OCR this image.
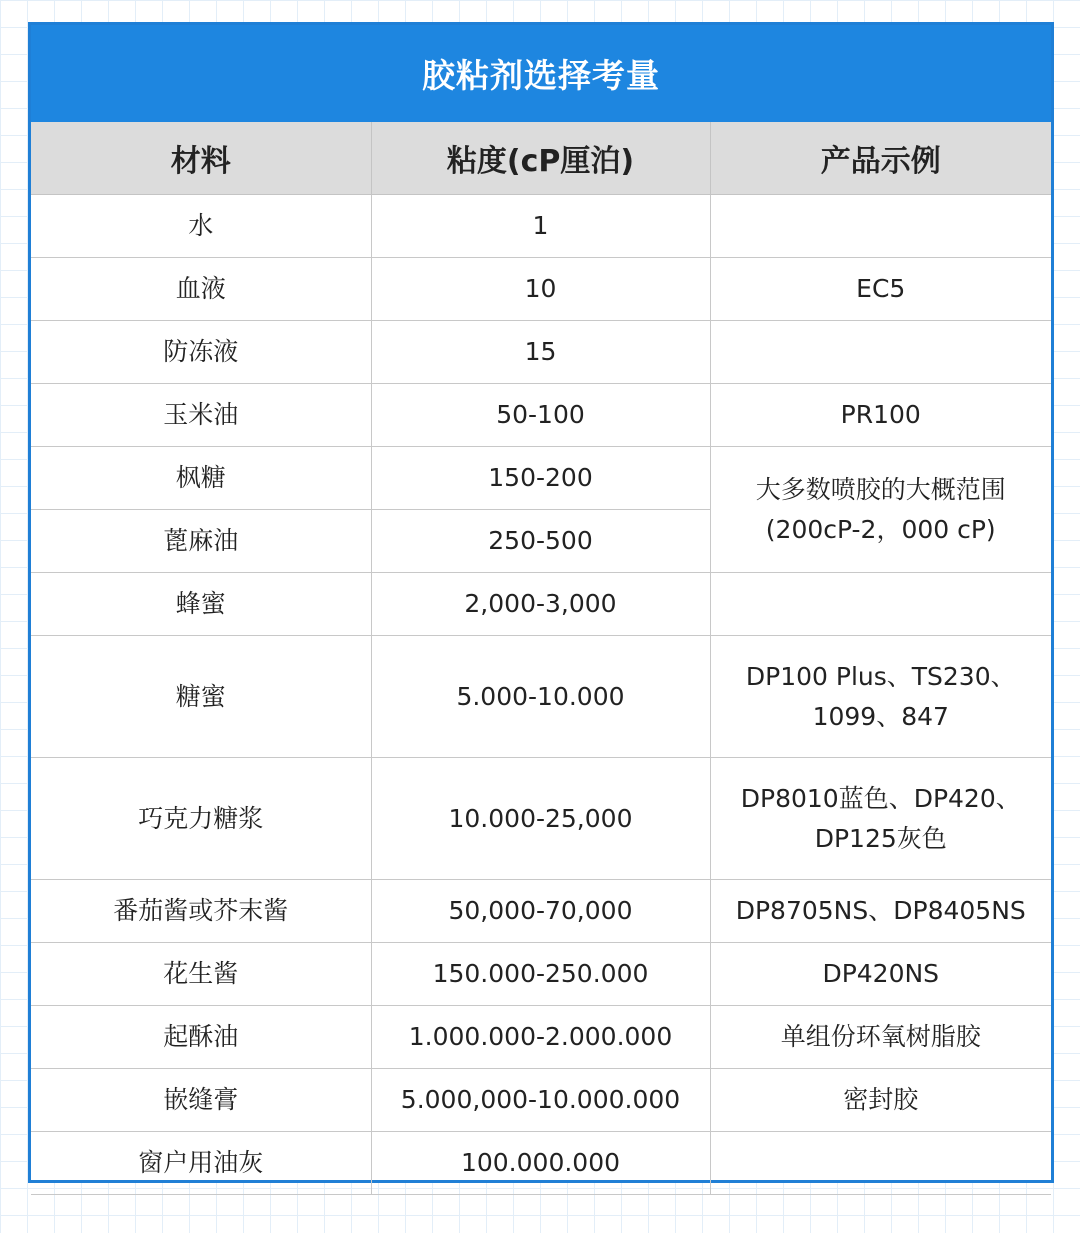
胶粘剂选择考量
材料	粘度(cP厘泊)	产品示例
水	1	
血液	10	EC5
防冻液	15	
玉米油	50-100	PR100
枫糖	150-200	大多数喷胶的大概范围
(200cP-2，000 cP)

蓖麻油	250-500	
蜂蜜	2,000-3,000	
糖蜜	5.000-10.000	DP100 Plus、TS230、
1099、847

巧克力糖浆	10.000-25,000	DP8010蓝色、DP420、
DP125灰色

番茄酱或芥末酱	50,000-70,000	DP8705NS、DP8405NS
花生酱	150.000-250.000	DP420NS
起酥油	1.000.000-2.000.000	单组份环氧树脂胶
嵌缝膏	5.000,000-10.000.000	密封胶
窗户用油灰	100.000.000	
